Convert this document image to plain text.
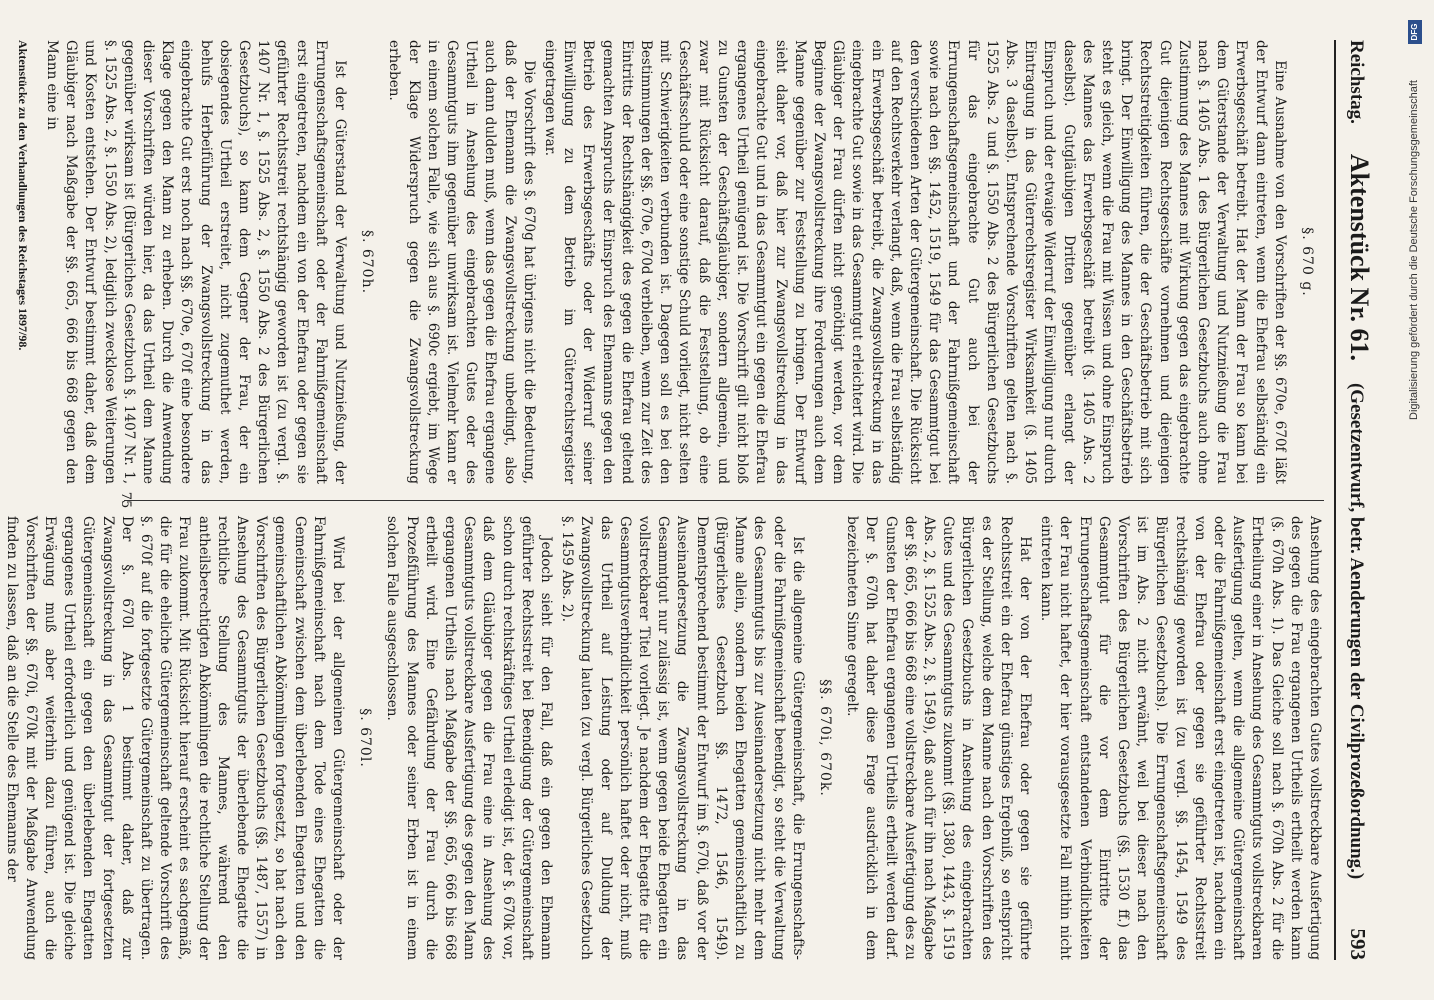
DFG
Digitalisierung gefördert durch die Deutsche Forschungsgemeinschaft
Reichstag.
Aktenstück Nr. 61.
(Gesetzentwurf, betr. Aenderungen der Civilprozeßordnung.)
593

§. 670 g.

Eine Ausnahme von den Vorschriften der §§. 670e, 670f läßt der Entwurf dann eintreten, wenn die Ehefrau selbständig ein Erwerbsgeschäft betreibt. Hat der Mann der Frau so kann bei dem Güterstande der Verwaltung und Nutznießung die Frau nach §. 1405 Abs. 1 des Bürgerlichen Gesetzbuchs auch ohne Zustimmung des Mannes mit Wirkung gegen das eingebrachte Gut diejenigen Rechtsgeschäfte vornehmen und diejenigen Rechtsstreitigkeiten führen, die der Geschäftsbetrieb mit sich bringt. Der Einwilligung des Mannes in den Geschäftsbetrieb steht es gleich, wenn die Frau mit Wissen und ohne Einspruch des Mannes das Erwerbsgeschäft betreibt (§. 1405 Abs. 2 daselbst). Gutgläubigen Dritten gegenüber erlangt der Einspruch und der etwaige Widerruf der Einwilligung nur durch Eintragung in das Güterrechtsregister Wirksamkeit (§. 1405 Abs. 3 daselbst). Entsprechende Vorschriften gelten nach §. 1525 Abs. 2 und §. 1550 Abs. 2 des Bürgerlichen Gesetzbuchs für das eingebrachte Gut auch bei der Errungenschaftsgemeinschaft und der Fahrnißgemeinschaft sowie nach den §§. 1452, 1519, 1549 für das Gesammtgut bei den verschiedenen Arten der Gütergemeinschaft. Die Rücksicht auf den Rechtsverkehr verlangt, daß, wenn die Frau selbständig ein Erwerbsgeschäft betreibt, die Zwangsvollstreckung in das eingebrachte Gut sowie in das Gesammtgut erleichtert wird. Die Gläubiger der Frau dürfen nicht genöthigt werden, vor dem Beginne der Zwangsvollstreckung ihre Forderungen auch dem Manne gegenüber zur Feststellung zu bringen. Der Entwurf sieht daher vor, daß hier zur Zwangsvollstreckung in das eingebrachte Gut und in das Gesammtgut ein gegen die Ehefrau ergangenes Urtheil genügend ist. Die Vorschrift gilt nicht bloß zu Gunsten der Geschäftsgläubiger, sondern allgemein, und zwar mit Rücksicht darauf, daß die Feststellung, ob eine Geschäftsschuld oder eine sonstige Schuld vorliegt, nicht selten mit Schwierigkeiten verbunden ist. Dagegen soll es bei den Bestimmungen der §§. 670e, 670d verbleiben, wenn zur Zeit des Eintritts der Rechtshängigkeit des gegen die Ehefrau geltend gemachten Anspruchs der Einspruch des Ehemanns gegen den Betrieb des Erwerbsgeschäfts oder der Widerruf seiner Einwilligung zu dem Betrieb im Güterrechtsregister eingetragen war.

Die Vorschrift des §. 670g hat übrigens nicht die Bedeutung, daß der Ehemann die Zwangsvollstreckung unbedingt, also auch dann dulden muß, wenn das gegen die Ehefrau ergangene Urtheil in Ansehung des eingebrachten Gutes oder des Gesammtguts ihm gegenüber unwirksam ist. Vielmehr kann er in einem solchen Falle, wie sich aus §. 690c ergiebt, im Wege der Klage Widerspruch gegen die Zwangsvollstreckung erheben.

§. 670h.

Ist der Güterstand der Verwaltung und Nutznießung, der Errungenschaftsgemeinschaft oder der Fahrnißgemeinschaft erst eingetreten, nachdem ein von der Ehefrau oder gegen sie geführter Rechtsstreit rechtshängig geworden ist (zu vergl. §. 1407 Nr. 1, §. 1525 Abs. 2, §. 1550 Abs. 2 des Bürgerlichen Gesetzbuchs), so kann dem Gegner der Frau, der ein obsiegendes Urtheil erstreitet, nicht zugemuthet werden, behufs Herbeiführung der Zwangsvollstreckung in das eingebrachte Gut erst noch nach §§. 670e, 670f eine besondere Klage gegen den Mann zu erheben. Durch die Anwendung dieser Vorschriften würden hier, da das Urtheil dem Manne gegenüber wirksam ist (Bürgerliches Gesetzbuch §. 1407 Nr. 1, §. 1525 Abs. 2, §. 1550 Abs. 2), lediglich zwecklose Weiterungen und Kosten entstehen. Der Entwurf bestimmt daher, daß dem Gläubiger nach Maßgabe der §§. 665, 666 bis 668 gegen den Mann eine in

Aktenstücke zu den Verhandlungen des Reichstages 1897/98.

Ansehung des eingebrachten Gutes vollstreckbare Ausfertigung des gegen die Frau ergangenen Urtheils ertheilt werden kann (§. 670h Abs. 1). Das Gleiche soll nach §. 670h Abs. 2 für die Ertheilung einer in Ansehung des Gesammtguts vollstreckbaren Ausfertigung gelten, wenn die allgemeine Gütergemeinschaft oder die Fahrnißgemeinschaft erst eingetreten ist, nachdem ein von der Ehefrau oder gegen sie geführter Rechtsstreit rechtshängig geworden ist (zu vergl. §§. 1454, 1549 des Bürgerlichen Gesetzbuchs). Die Errungenschaftsgemeinschaft ist im Abs. 2 nicht erwähnt, weil bei dieser nach den Vorschriften des Bürgerlichen Gesetzbuchs (§§. 1530 ff.) das Gesammtgut für die vor dem Eintritte der Errungenschaftsgemeinschaft entstandenen Verbindlichkeiten der Frau nicht haftet, der hier vorausgesetzte Fall mithin nicht eintreten kann.

Hat der von der Ehefrau oder gegen sie geführte Rechtsstreit ein der Ehefrau günstiges Ergebniß, so entspricht es der Stellung, welche dem Manne nach den Vorschriften des Bürgerlichen Gesetzbuchs in Ansehung des eingebrachten Gutes und des Gesammtguts zukommt (§§. 1380, 1443, §. 1519 Abs. 2, §. 1525 Abs. 2, §. 1549), daß auch für ihn nach Maßgabe der §§. 665, 666 bis 668 eine vollstreckbare Ausfertigung des zu Gunsten der Ehefrau ergangenen Urtheils ertheilt werden darf. Der §. 670h hat daher diese Frage ausdrücklich in dem bezeichneten Sinne geregelt.

§§. 670i, 670k.

Ist die allgemeine Gütergemeinschaft, die Errungenschafts- oder die Fahrnißgemeinschaft beendigt, so steht die Verwaltung des Gesammtguts bis zur Auseinandersetzung nicht mehr dem Manne allein, sondern beiden Ehegatten gemeinschaftlich zu (Bürgerliches Gesetzbuch §§. 1472, 1546, 1549). Dementsprechend bestimmt der Entwurf im §. 670i, daß vor der Auseinandersetzung die Zwangsvollstreckung in das Gesammtgut nur zulässig ist, wenn gegen beide Ehegatten ein vollstreckbarer Titel vorliegt. Je nachdem der Ehegatte für die Gesammtgutsverbindlichkeit persönlich haftet oder nicht, muß das Urtheil auf Leistung oder auf Duldung der Zwangsvollstreckung lauten (zu vergl. Bürgerliches Gesetzbuch §. 1459 Abs. 2).

Jedoch sieht für den Fall, daß ein gegen den Ehemann geführter Rechtsstreit bei Beendigung der Gütergemeinschaft schon durch rechtskräftiges Urtheil erledigt ist, der §. 670k vor, daß dem Gläubiger gegen die Frau eine in Ansehung des Gesammtguts vollstreckbare Ausfertigung des gegen den Mann ergangenen Urtheils nach Maßgabe der §§. 665, 666 bis 668 ertheilt wird. Eine Gefährdung der Frau durch die Prozeßführung des Mannes oder seiner Erben ist in einem solchen Falle ausgeschlossen.

§. 670l.

Wird bei der allgemeinen Gütergemeinschaft oder der Fahrnißgemeinschaft nach dem Tode eines Ehegatten die Gemeinschaft zwischen dem überlebenden Ehegatten und den gemeinschaftlichen Abkömmlingen fortgesetzt, so hat nach den Vorschriften des Bürgerlichen Gesetzbuchs (§§. 1487, 1557) in Ansehung des Gesammtguts der überlebende Ehegatte die rechtliche Stellung des Mannes, während den antheilsberechtigten Abkömmlingen die rechtliche Stellung der Frau zukommt. Mit Rücksicht hierauf erscheint es sachgemäß, die für die eheliche Gütergemeinschaft geltende Vorschrift des §. 670f auf die fortgesetzte Gütergemeinschaft zu übertragen. Der §. 670l Abs. 1 bestimmt daher, daß zur Zwangsvollstreckung in das Gesammtgut der fortgesetzten Gütergemeinschaft ein gegen den überlebenden Ehegatten ergangenes Urtheil erforderlich und genügend ist. Die gleiche Erwägung muß aber weiterhin dazu führen, auch die Vorschriften der §§. 670i, 670k mit der Maßgabe Anwendung finden zu lassen, daß an die Stelle des Ehemanns der

75
